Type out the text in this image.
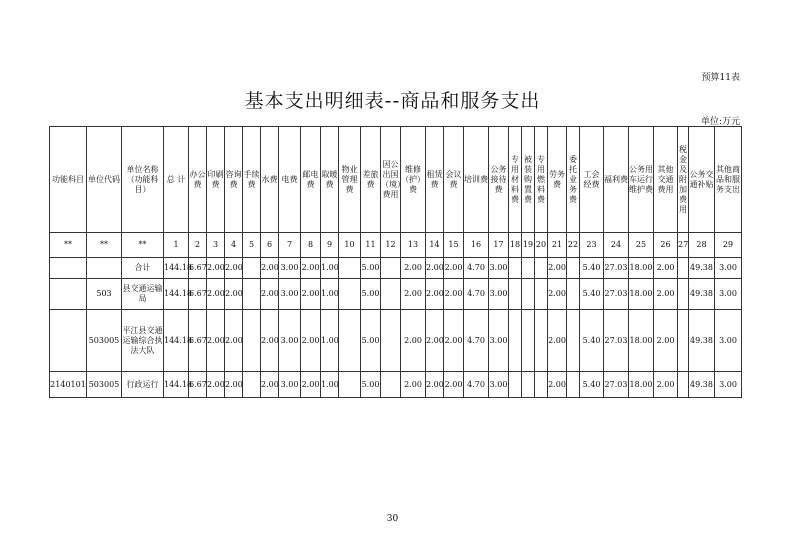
预算11表
基本支出明细表--商品和服务支出
单位:万元
功能科目	单位代码	单位名称（功能科目）	总 计	办公费	印刷费	咨询费	手续费	水费	电费	邮电费	取暖费	物业管理费	差旅费	因公出国（境）费用	维修（护）费	租赁费	会议费	培训费	公务接待费	专用材料费	被装购置费	专用燃料费	劳务费	委托业务费	工会经费	福利费	公务用车运行维护费	其他交通费用	税金及附加费用	公务交通补贴	其他商品和服务支出
**	**	**	1	2	3	4	5	6	7	8	9	10	11	12	13	14	15	16	17	18	19	20	21	22	23	24	25	26	27	28	29
		合计	144.18	6.67	2.00	2.00		2.00	3.00	2.00	1.00		5.00		2.00	2.00	2.00	4.70	3.00				2.00		5.40	27.03	18.00	2.00		49.38	3.00
	503	县交通运输局	144.18	6.67	2.00	2.00		2.00	3.00	2.00	1.00		5.00		2.00	2.00	2.00	4.70	3.00				2.00		5.40	27.03	18.00	2.00		49.38	3.00
	503005	平江县交通运输综合执法大队	144.18	6.67	2.00	2.00		2.00	3.00	2.00	1.00		5.00		2.00	2.00	2.00	4.70	3.00				2.00		5.40	27.03	18.00	2.00		49.38	3.00
2140101	503005	行政运行	144.18	6.67	2.00	2.00		2.00	3.00	2.00	1.00		5.00		2.00	2.00	2.00	4.70	3.00				2.00		5.40	27.03	18.00	2.00		49.38	3.00
30
